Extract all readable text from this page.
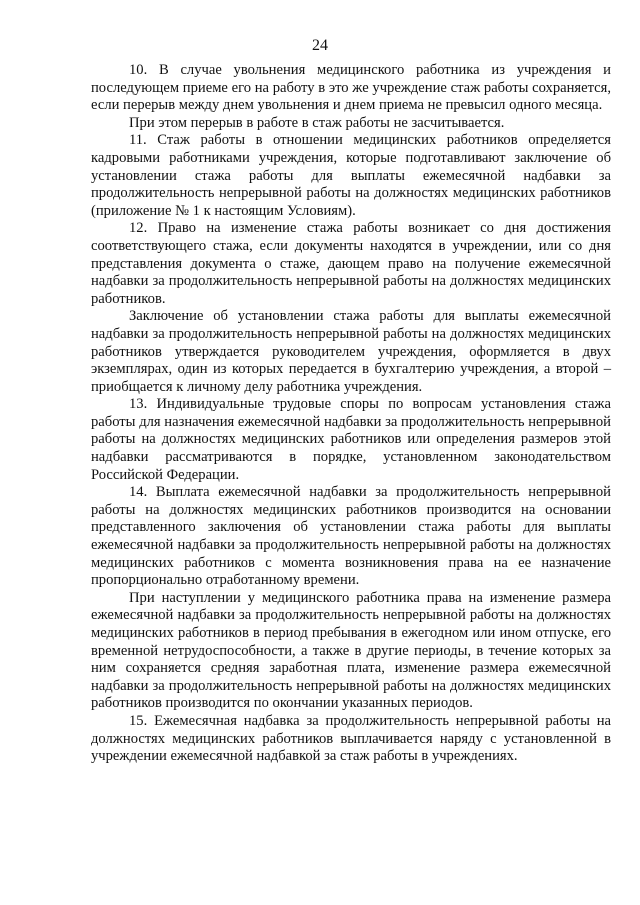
24

10. В случае увольнения медицинского работника из учреждения и последующем приеме его на работу в это же учреждение стаж работы сохраняется, если перерыв между днем увольнения и днем приема не превысил одного месяца.

При этом перерыв в работе в стаж работы не засчитывается.

11. Стаж работы в отношении медицинских работников определяется кадровыми работниками учреждения, которые подготавливают заключение об установлении стажа работы для выплаты ежемесячной надбавки за продолжительность непрерывной работы на должностях медицинских работников (приложение № 1 к настоящим Условиям).

12. Право на изменение стажа работы возникает со дня достижения соответствующего стажа, если документы находятся в учреждении, или со дня представления документа о стаже, дающем право на получение ежемесячной надбавки за продолжительность непрерывной работы на должностях медицинских работников.

Заключение об установлении стажа работы для выплаты ежемесячной надбавки за продолжительность непрерывной работы на должностях медицинских работников утверждается руководителем учреждения, оформляется в двух экземплярах, один из которых передается в бухгалтерию учреждения, а второй – приобщается к личному делу работника учреждения.

13. Индивидуальные трудовые споры по вопросам установления стажа работы для назначения ежемесячной надбавки за продолжительность непрерывной работы на должностях медицинских работников или определения размеров этой надбавки рассматриваются в порядке, установленном законодательством Российской Федерации.

14. Выплата ежемесячной надбавки за продолжительность непрерывной работы на должностях медицинских работников производится на основании представленного заключения об установлении стажа работы для выплаты ежемесячной надбавки за продолжительность непрерывной работы на должностях медицинских работников с момента возникновения права на ее назначение пропорционально отработанному времени.

При наступлении у медицинского работника права на изменение размера ежемесячной надбавки за продолжительность непрерывной работы на должностях медицинских работников в период пребывания в ежегодном или ином отпуске, его временной нетрудоспособности, а также в другие периоды, в течение которых за ним сохраняется средняя заработная плата, изменение размера ежемесячной надбавки за продолжительность непрерывной работы на должностях медицинских работников производится по окончании указанных периодов.

15. Ежемесячная надбавка за продолжительность непрерывной работы на должностях медицинских работников выплачивается наряду с установленной в учреждении ежемесячной надбавкой за стаж работы в учреждениях.
